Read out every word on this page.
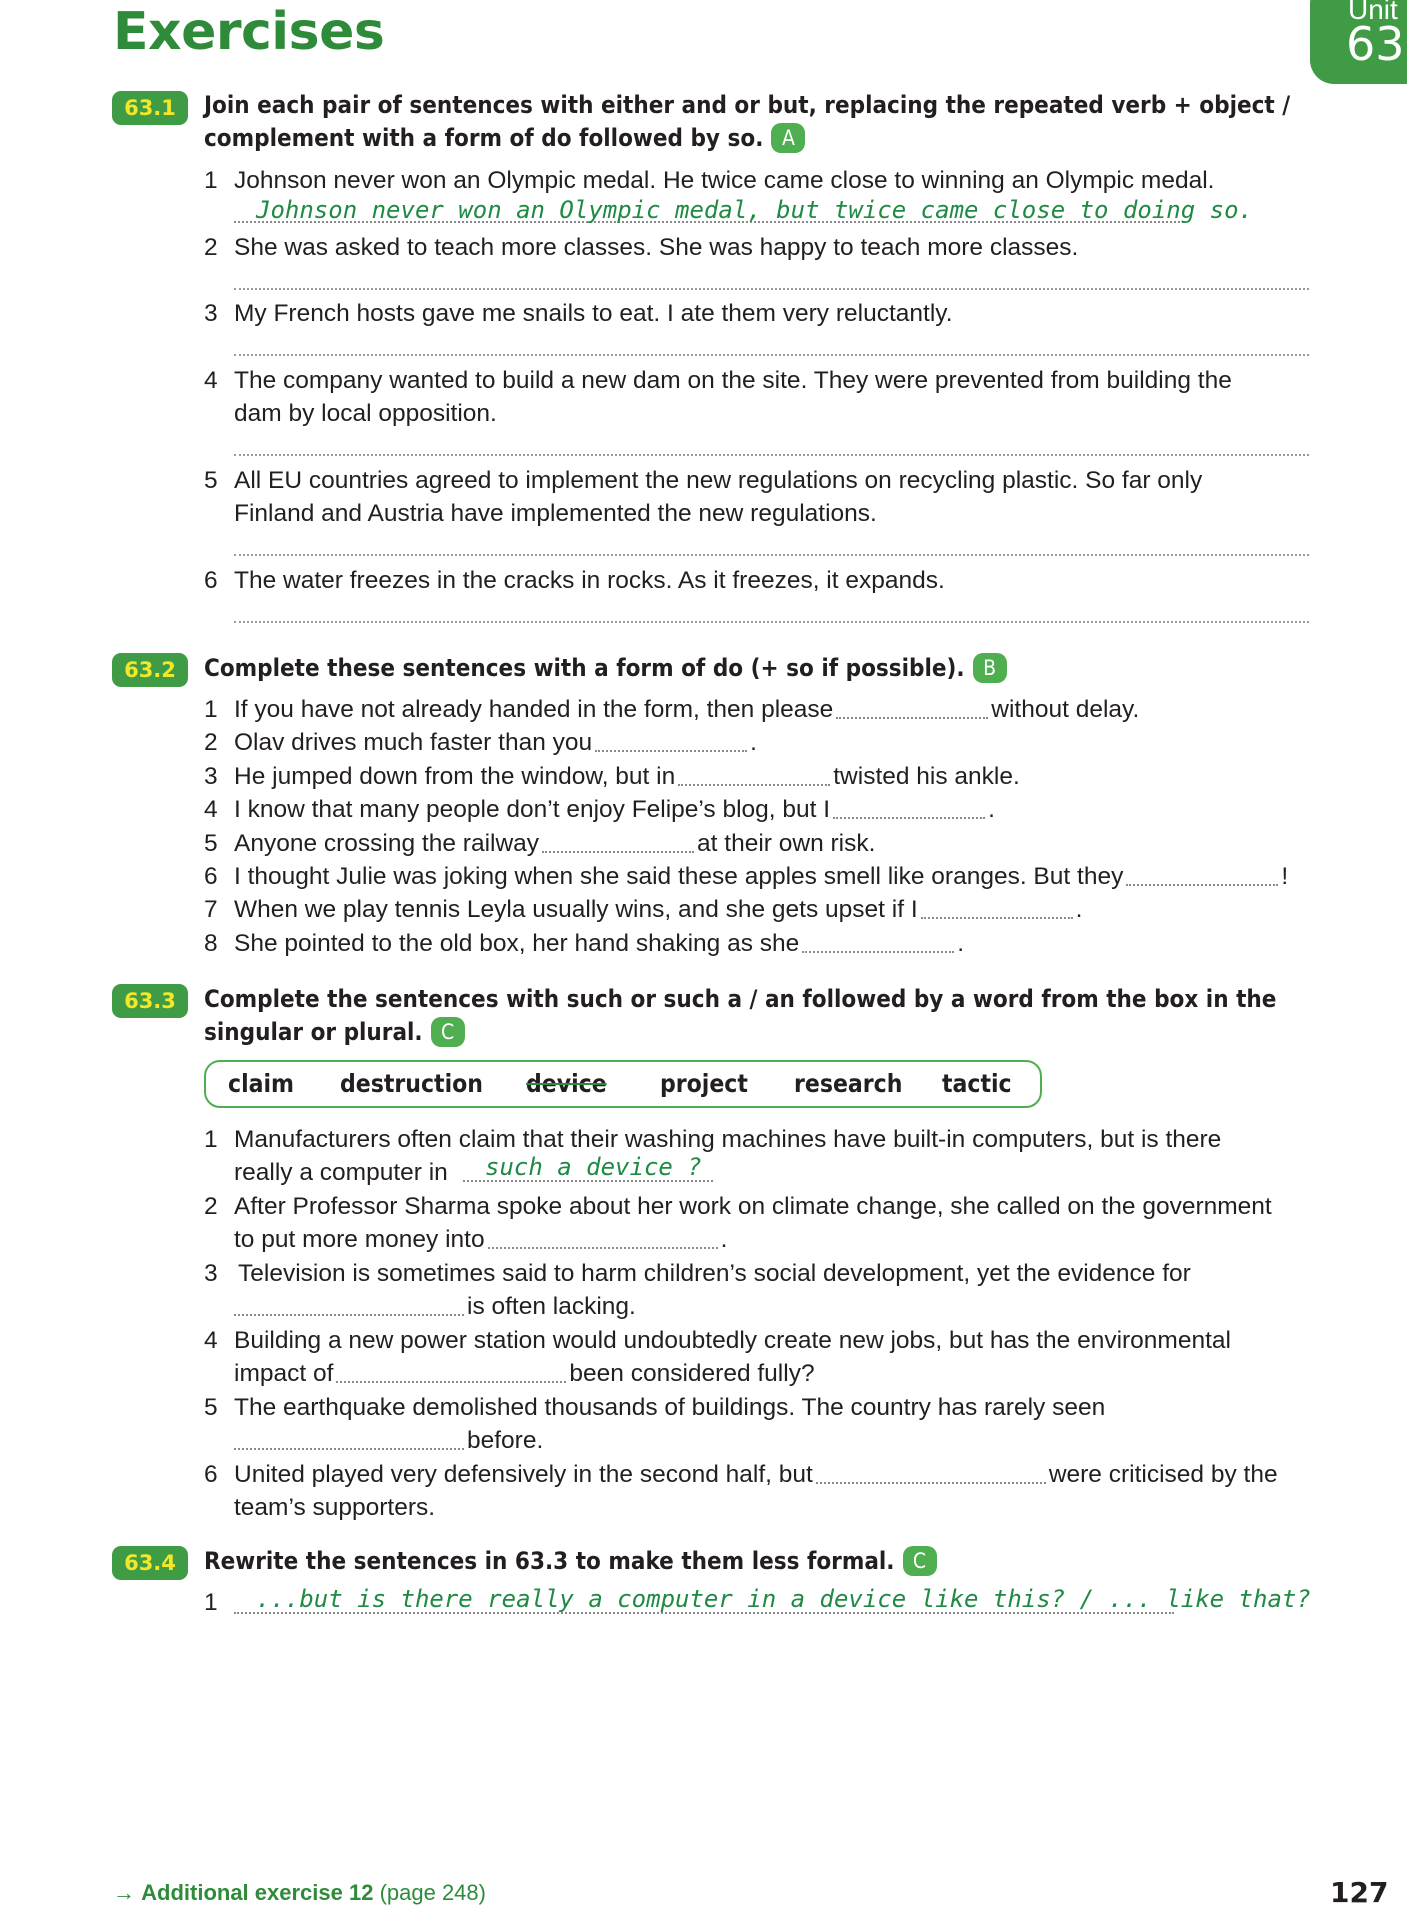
Exercises	Unit
63
63.1	Join each pair of sentences with either and or but, replacing the repeated verb + object /
complement with a form of do followed by so. A
1 Johnson never won an Olympic medal. He twice came close to winning an Olympic medal.
Johnson never won an Olympic medal, but twice came close to doing so.
2 She was asked to teach more classes. She was happy to teach more classes.
3 My French hosts gave me snails to eat. I ate them very reluctantly.
4 The company wanted to build a new dam on the site. They were prevented from building the
dam by local opposition.
5 All EU countries agreed to implement the new regulations on recycling plastic. So far only
Finland and Austria have implemented the new regulations.
6 The water freezes in the cracks in rocks. As it freezes, it expands.
63.2	Complete these sentences with a form of do (+ so if possible). B
1 If you have not already handed in the form, then please	without delay.
2 Olav drives much faster than you	.
3 He jumped down from the window, but in	twisted his ankle.
4 I know that many people don’t enjoy Felipe’s blog, but I	.
5 Anyone crossing the railway	at their own risk.
6 I thought Julie was joking when she said these apples smell like oranges. But they	!
7 When we play tennis Leyla usually wins, and she gets upset if I	.
8 She pointed to the old box, her hand shaking as she	.
63.3	Complete the sentences with such or such a / an followed by a word from the box in the
singular or plural. C
claim destruction device project research tactic
1 Manufacturers often claim that their washing machines have built-in computers, but is there
really a computer in such a device ?
2 After Professor Sharma spoke about her work on climate change, she called on the government
to put more money into	.
3 Television is sometimes said to harm children’s social development, yet the evidence for
is often lacking.
4 Building a new power station would undoubtedly create new jobs, but has the environmental
impact of	been considered fully?
5 The earthquake demolished thousands of buildings. The country has rarely seen
before.
6 United played very defensively in the second half, but	were criticised by the
team’s supporters.
63.4	Rewrite the sentences in 63.3 to make them less formal. C
1 ...but is there really a computer in a device like this? / ... like that?
→ Additional exercise 12 (page 248)	127
